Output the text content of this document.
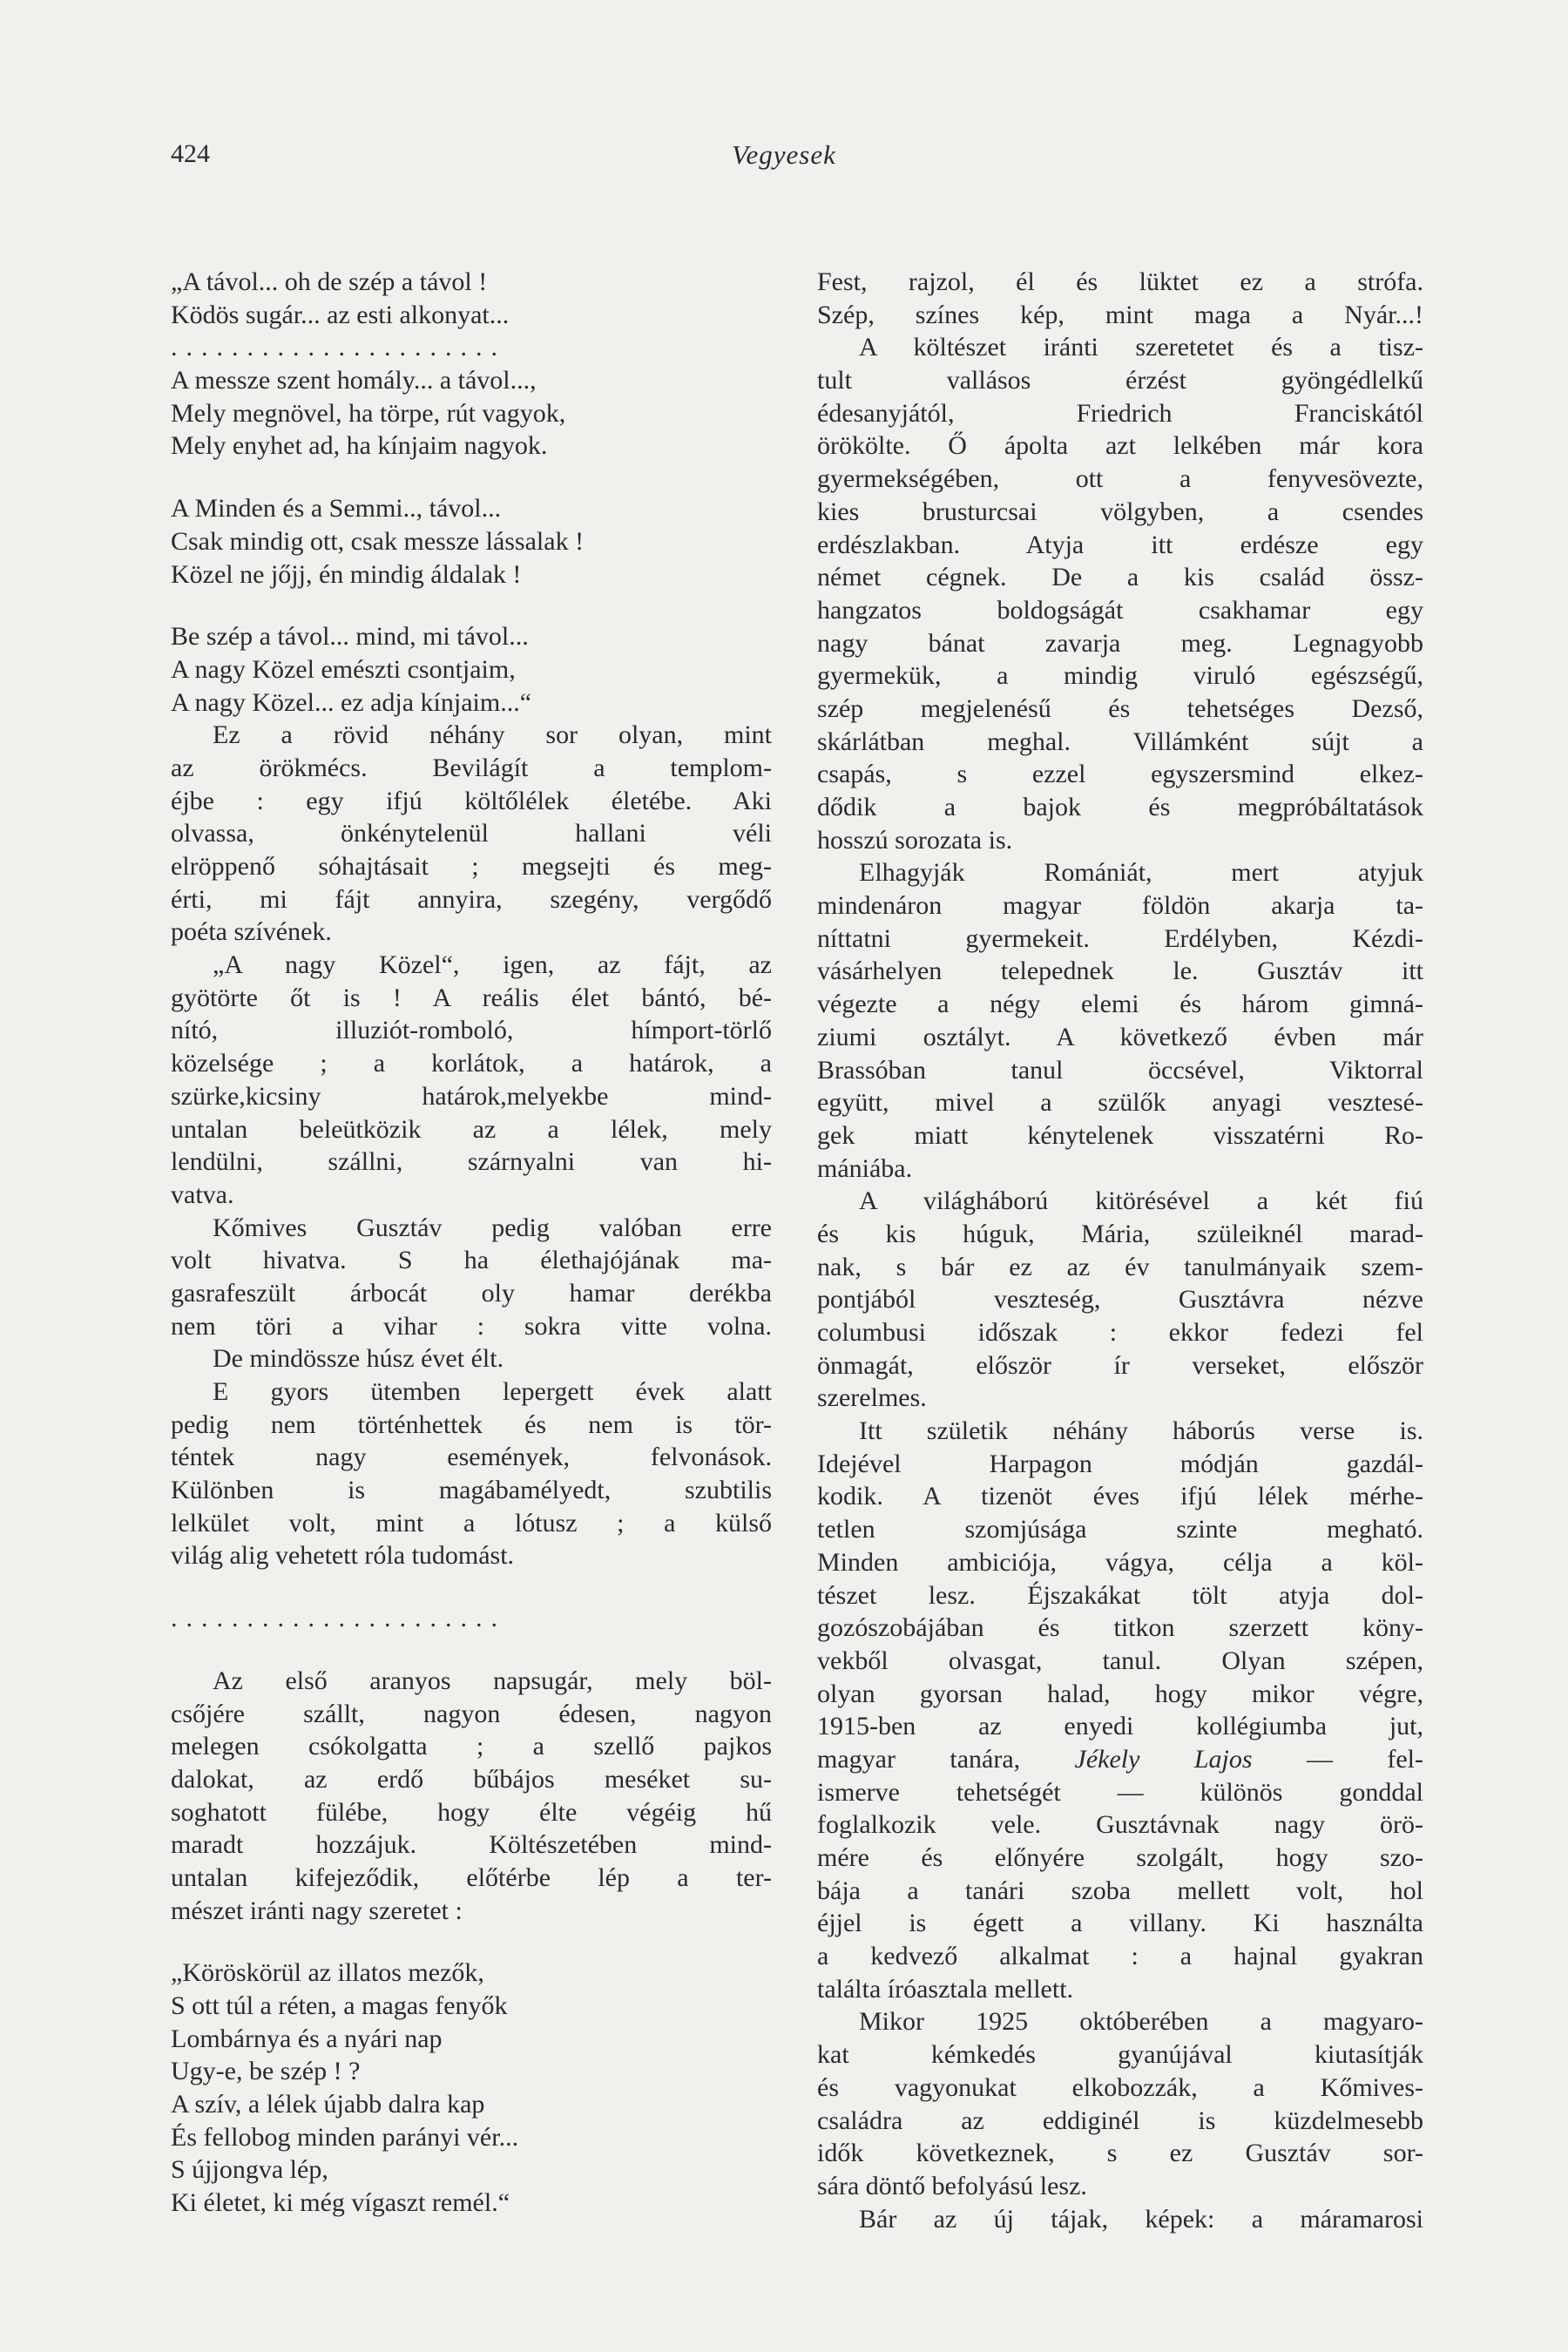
424	Vegyesek
„A távol... oh de szép a távol !
Ködös sugár... az esti alkonyat...
......................
A messze szent homály... a távol...,
Mely megnövel, ha törpe, rút vagyok,
Mely enyhet ad, ha kínjaim nagyok.
A Minden és a Semmi.., távol...
Csak mindig ott, csak messze lássalak !
Közel ne jőjj, én mindig áldalak !
Be szép a távol... mind, mi távol...
A nagy Közel emészti csontjaim,
A nagy Közel... ez adja kínjaim...“
Ez a rövid néhány sor olyan, mint
az örökmécs. Bevilágít a templom-
éjbe : egy ifjú költőlélek életébe. Aki
olvassa, önkénytelenül hallani véli
elröppenő sóhajtásait ; megsejti és meg-
érti, mi fájt annyira, szegény, vergődő
poéta szívének.
„A nagy Közel“, igen, az fájt, az
gyötörte őt is ! A reális élet bántó, bé-
nító, illuziót-romboló, hímport-törlő
közelsége ; a korlátok, a határok, a
szürke,kicsiny határok,melyekbe mind-
untalan beleütközik az a lélek, mely
lendülni, szállni, szárnyalni van hi-
vatva.
Kőmives Gusztáv pedig valóban erre
volt hivatva. S ha élethajójának ma-
gasrafeszült árbocát oly hamar derékba
nem töri a vihar : sokra vitte volna.
De mindössze húsz évet élt.
E gyors ütemben lepergett évek alatt
pedig nem történhettek és nem is tör-
téntek nagy események, felvonások.
Különben is magábamélyedt, szubtilis
lelkület volt, mint a lótusz ; a külső
világ alig vehetett róla tudomást.
......................
Az első aranyos napsugár, mely böl-
csőjére szállt, nagyon édesen, nagyon
melegen csókolgatta ; a szellő pajkos
dalokat, az erdő bűbájos meséket su-
soghatott fülébe, hogy élte végéig hű
maradt hozzájuk. Költészetében mind-
untalan kifejeződik, előtérbe lép a ter-
mészet iránti nagy szeretet :
„Köröskörül az illatos mezők,
S ott túl a réten, a magas fenyők
Lombárnya és a nyári nap
Ugy-e, be szép ! ?
A szív, a lélek újabb dalra kap
És fellobog minden parányi vér...
S újjongva lép,
Ki életet, ki még vígaszt remél.“
Fest, rajzol, él és lüktet ez a strófa.
Szép, színes kép, mint maga a Nyár...!
A költészet iránti szeretetet és a tisz-
tult vallásos érzést gyöngédlelkű
édesanyjától, Friedrich Franciskától
örökölte. Ő ápolta azt lelkében már kora
gyermekségében, ott a fenyvesövezte,
kies brusturcsai völgyben, a csendes
erdészlakban. Atyja itt erdésze egy
német cégnek. De a kis család össz-
hangzatos boldogságát csakhamar egy
nagy bánat zavarja meg. Legnagyobb
gyermekük, a mindig viruló egészségű,
szép megjelenésű és tehetséges Dezső,
skárlátban meghal. Villámként sújt a
csapás, s ezzel egyszersmind elkez-
dődik a bajok és megpróbáltatások
hosszú sorozata is.
Elhagyják Romániát, mert atyjuk
mindenáron magyar földön akarja ta-
níttatni gyermekeit. Erdélyben, Kézdi-
vásárhelyen telepednek le. Gusztáv itt
végezte a négy elemi és három gimná-
ziumi osztályt. A következő évben már
Brassóban tanul öccsével, Viktorral
együtt, mivel a szülők anyagi vesztesé-
gek miatt kénytelenek visszatérni Ro-
mániába.
A világháború kitörésével a két fiú
és kis húguk, Mária, szüleiknél marad-
nak, s bár ez az év tanulmányaik szem-
pontjából veszteség, Gusztávra nézve
columbusi időszak : ekkor fedezi fel
önmagát, először ír verseket, először
szerelmes.
Itt születik néhány háborús verse is.
Idejével Harpagon módján gazdál-
kodik. A tizenöt éves ifjú lélek mérhe-
tetlen szomjúsága szinte megható.
Minden ambiciója, vágya, célja a köl-
tészet lesz. Éjszakákat tölt atyja dol-
gozószobájában és titkon szerzett köny-
vekből olvasgat, tanul. Olyan szépen,
olyan gyorsan halad, hogy mikor végre,
1915-ben az enyedi kollégiumba jut,
magyar tanára, Jékely Lajos — fel-
ismerve tehetségét — különös gonddal
foglalkozik vele. Gusztávnak nagy örö-
mére és előnyére szolgált, hogy szo-
bája a tanári szoba mellett volt, hol
éjjel is égett a villany. Ki használta
a kedvező alkalmat : a hajnal gyakran
találta íróasztala mellett.
Mikor 1925 októberében a magyaro-
kat kémkedés gyanújával kiutasítják
és vagyonukat elkobozzák, a Kőmives-
családra az eddiginél is küzdelmesebb
idők következnek, s ez Gusztáv sor-
sára döntő befolyású lesz.
Bár az új tájak, képek: a máramarosi
